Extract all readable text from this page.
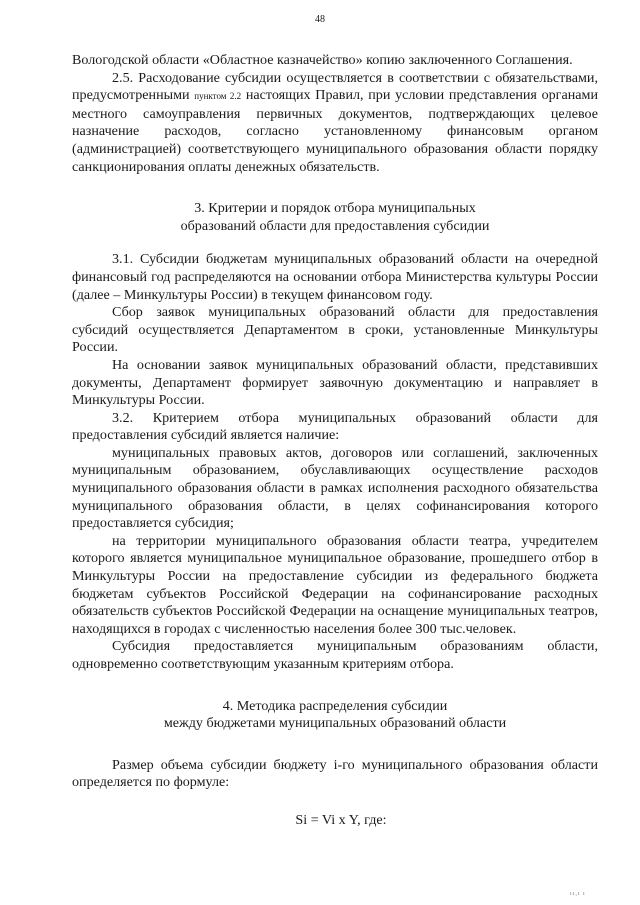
48

Вологодской области «Областное казначейство» копию заключенного Соглашения.

2.5. Расходование субсидии осуществляется в соответствии с обязательствами, предусмотренными пунктом 2.2 настоящих Правил, при условии представления органами местного самоуправления первичных документов, подтверждающих целевое назначение расходов, согласно установленному финансовым органом (администрацией) соответствующего муниципального образования области порядку санкционирования оплаты денежных обязательств.

3. Критерии и порядок отбора муниципальных
образований области для предоставления субсидии

3.1. Субсидии бюджетам муниципальных образований области на очередной финансовый год распределяются на основании отбора Министерства культуры России (далее – Минкультуры России) в текущем финансовом году.

Сбор заявок муниципальных образований области для предоставления субсидий осуществляется Департаментом в сроки, установленные Минкультуры России.

На основании заявок муниципальных образований области, представивших документы, Департамент формирует заявочную документацию и направляет в Минкультуры России.

3.2. Критерием отбора муниципальных образований области для предоставления субсидий является наличие:

муниципальных правовых актов, договоров или соглашений, заключенных муниципальным образованием, обуславливающих осуществление расходов муниципального образования области в рамках исполнения расходного обязательства муниципального образования области, в целях софинансирования которого предоставляется субсидия;

на территории муниципального образования области театра, учредителем которого является муниципальное муниципальное образование, прошедшего отбор в Минкультуры России на предоставление субсидии из федерального бюджета бюджетам субъектов Российской Федерации на софинансирование расходных обязательств субъектов Российской Федерации на оснащение муниципальных театров, находящихся в городах с численностью населения более 300 тыс.человек.

Субсидия предоставляется муниципальным образованиям области, одновременно соответствующим указанным критериям отбора.

4. Методика распределения субсидии
между бюджетами муниципальных образований области

Размер объема субсидии бюджету i-го муниципального образования области определяется по формуле:

Si = Vi x Y, где:

ıı,ı ı
